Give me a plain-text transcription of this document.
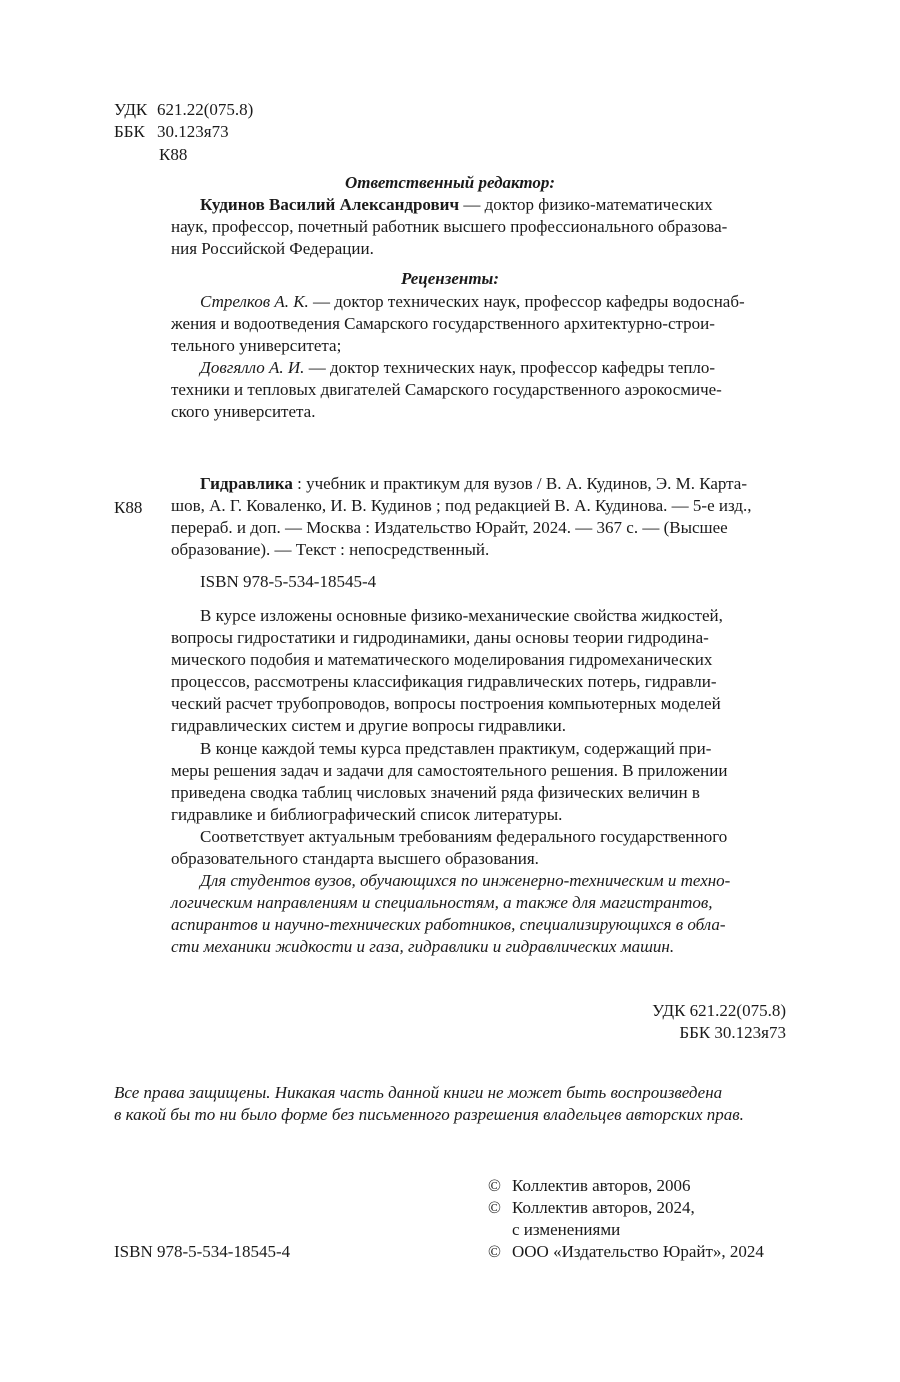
УДК 621.22(075.8)
ББК 30.123я73
К88
Ответственный редактор:
Кудинов Василий Александрович — доктор физико-математических
наук, профессор, почетный работник высшего профессионального образова-
ния Российской Федерации.
Рецензенты:
Стрелков А. К. — доктор технических наук, профессор кафедры водоснаб-
жения и водоотведения Самарского государственного архитектурно-строи-
тельного университета;
Довгялло А. И. — доктор технических наук, профессор кафедры тепло-
техники и тепловых двигателей Самарского государственного аэрокосмиче-
ского университета.
Гидравлика : учебник и практикум для вузов / В. А. Кудинов, Э. М. Карта-
К88 шов, А. Г. Коваленко, И. В. Кудинов ; под редакцией В. А. Кудинова. — 5-е изд.,
перераб. и доп. — Москва : Издательство Юрайт, 2024. — 367 с. — (Высшее
образование). — Текст : непосредственный.
ISBN 978-5-534-18545-4
В курсе изложены основные физико-механические свойства жидкостей,
вопросы гидростатики и гидродинамики, даны основы теории гидродина-
мического подобия и математического моделирования гидромеханических
процессов, рассмотрены классификация гидравлических потерь, гидравли-
ческий расчет трубопроводов, вопросы построения компьютерных моделей
гидравлических систем и другие вопросы гидравлики.
В конце каждой темы курса представлен практикум, содержащий при-
меры решения задач и задачи для самостоятельного решения. В приложении
приведена сводка таблиц числовых значений ряда физических величин в
гидравлике и библиографический список литературы.
Соответствует актуальным требованиям федерального государственного
образовательного стандарта высшего образования.
Для студентов вузов, обучающихся по инженерно-техническим и техно-
логическим направлениям и специальностям, а также для магистрантов,
аспирантов и научно-технических работников, специализирующихся в обла-
сти механики жидкости и газа, гидравлики и гидравлических машин.
УДК 621.22(075.8)
ББК 30.123я73
Все права защищены. Никакая часть данной книги не может быть воспроизведена
в какой бы то ни было форме без письменного разрешения владельцев авторских прав.
© Коллектив авторов, 2006
© Коллектив авторов, 2024,
с изменениями
ISBN 978-5-534-18545-4	© ООО «Издательство Юрайт», 2024
